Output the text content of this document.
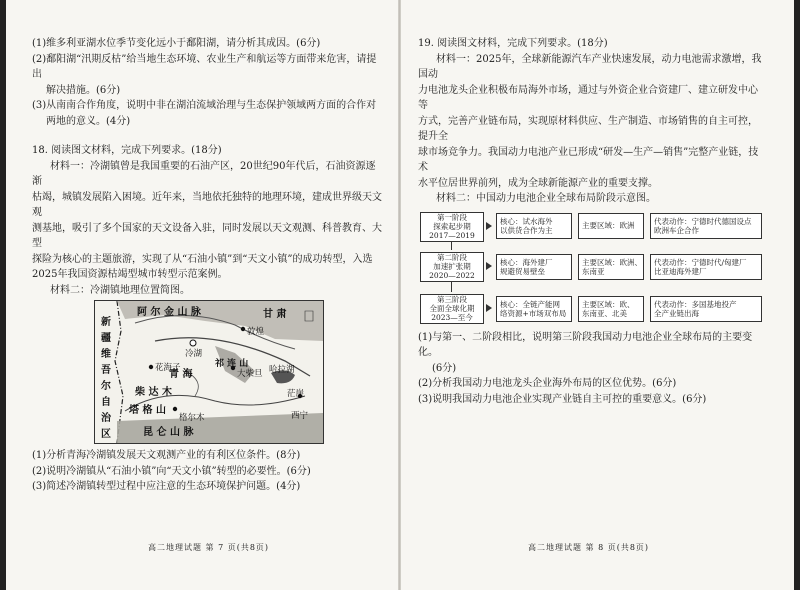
(1)维多利亚湖水位季节变化远小于鄱阳湖，请分析其成因。(6分)

(2)鄱阳湖“汛期反枯”给当地生态环境、农业生产和航运等方面带来危害，请提出

解决措施。(6分)

(3)从南南合作角度，说明中非在湖泊流域治理与生态保护领域两方面的合作对

两地的意义。(4分)

18. 阅读图文材料，完成下列要求。(18分)

材料一：冷湖镇曾是我国重要的石油产区，20世纪90年代后，石油资源逐渐

枯竭，城镇发展陷入困境。近年来，当地依托独特的地理环境，建成世界级天文观

测基地，吸引了多个国家的天文设备入驻，同时发展以天文观测、科普教育、大型

探险为核心的主题旅游，实现了从“石油小镇”到“天文小镇”的成功转型，入选

2025年我国资源枯竭型城市转型示范案例。

材料二：冷湖镇地理位置简图。

新
疆
维
吾
尔
自
治
区
阿 尔 金 山 脉	甘 肃
冷湖
敦煌
祁 连 山
青 海
花海子
茫崖
格尔木
大柴旦
柴 达 木
塔 格 山
昆 仑 山 脉
哈拉湖
西宁

(1)分析青海冷湖镇发展天文观测产业的有利区位条件。(8分)

(2)说明冷湖镇从“石油小镇”向“天文小镇”转型的必要性。(6分)

(3)简述冷湖镇转型过程中应注意的生态环境保护问题。(4分)

高二地理试题 第 7 页(共8页)

19. 阅读图文材料，完成下列要求。(18分)

材料一：2025年，全球新能源汽车产业快速发展，动力电池需求激增，我国动

力电池龙头企业积极布局海外市场，通过与外资企业合资建厂、建立研发中心等

方式，完善产业链布局，实现原材料供应、生产制造、市场销售的自主可控，提升全

球市场竞争力。我国动力电池产业已形成“研发—生产—销售”完整产业链，技术

水平位居世界前列，成为全球新能源产业的重要支撑。

材料二：中国动力电池企业全球布局阶段示意图。

第一阶段
探索起步期
2017—2019
第二阶段
加速扩张期
2020—2022
第三阶段
全面全球化期
2023—至今
核心：试水海外
以供货合作为主
核心：海外建厂
规避贸易壁垒
核心：全链产能网
络资源+市场双布局
主要区域：欧洲
主要区域：欧洲、
东南亚
主要区域：欧、
东南亚、北美
代表动作：宁德时代德国设点
欧洲车企合作
代表动作：宁德时代/匈建厂
比亚迪海外建厂
代表动作：多国基地投产
全产业链出海

(1)与第一、二阶段相比，说明第三阶段我国动力电池企业全球布局的主要变化。

(6分)

(2)分析我国动力电池龙头企业海外布局的区位优势。(6分)

(3)说明我国动力电池企业实现产业链自主可控的重要意义。(6分)

高二地理试题 第 8 页(共8页)
